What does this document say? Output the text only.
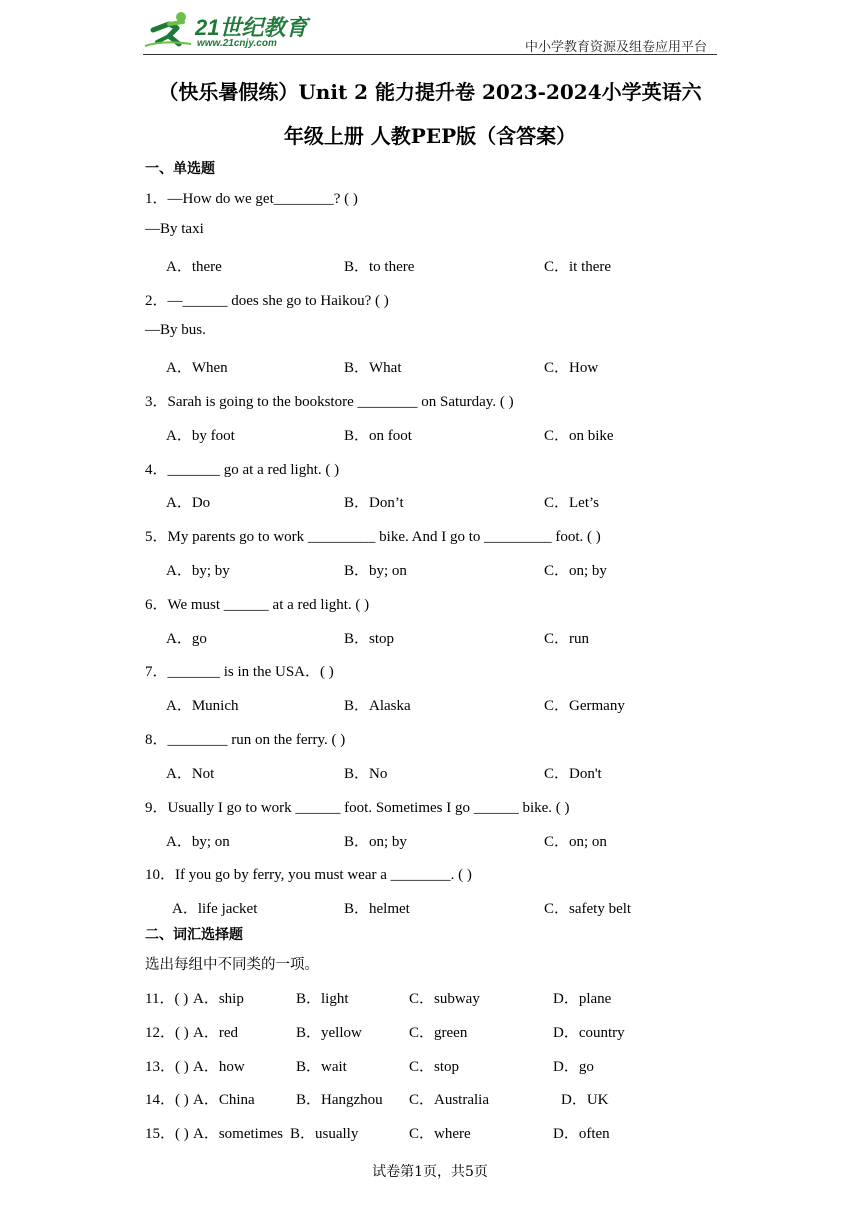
21世纪教育
www.21cnjy.com	中小学教育资源及组卷应用平台
（快乐暑假练）Unit 2 能力提升卷 2023-2024小学英语六
年级上册 人教PEP版（含答案）
一、单选题
1．—How do we get________? ( )
—By taxi
A．there	B．to there	C．it there
2．—______ does she go to Haikou? ( )
—By bus.
A．When	B．What	C．How
3．Sarah is going to the bookstore ________ on Saturday. ( )
A．by foot	B．on foot	C．on bike
4．_______ go at a red light. ( )
A．Do	B．Don’t	C．Let’s
5．My parents go to work _________ bike. And I go to _________ foot. ( )
A．by; by	B．by; on	C．on; by
6．We must ______ at a red light. ( )
A．go	B．stop	C．run
7．_______ is in the USA．( )
A．Munich	B．Alaska	C．Germany
8．________ run on the ferry. ( )
A．Not	B．No	C．Don't
9．Usually I go to work ______ foot. Sometimes I go ______ bike. ( )
A．by; on	B．on; by	C．on; on
10．If you go by ferry, you must wear a ________. ( )
A．life jacket	B．helmet	C．safety belt
二、词汇选择题
选出每组中不同类的一项。
11．( ) A．ship	B．light	C．subway	D．plane
12．( ) A．red	B．yellow	C．green	D．country
13．( ) A．how	B．wait	C．stop	D．go
14．( ) A．China	B．Hangzhou C．Australia	D．UK
15．( ) A．sometimes B．usually	C．where	D．often
试卷第1页，共5页
